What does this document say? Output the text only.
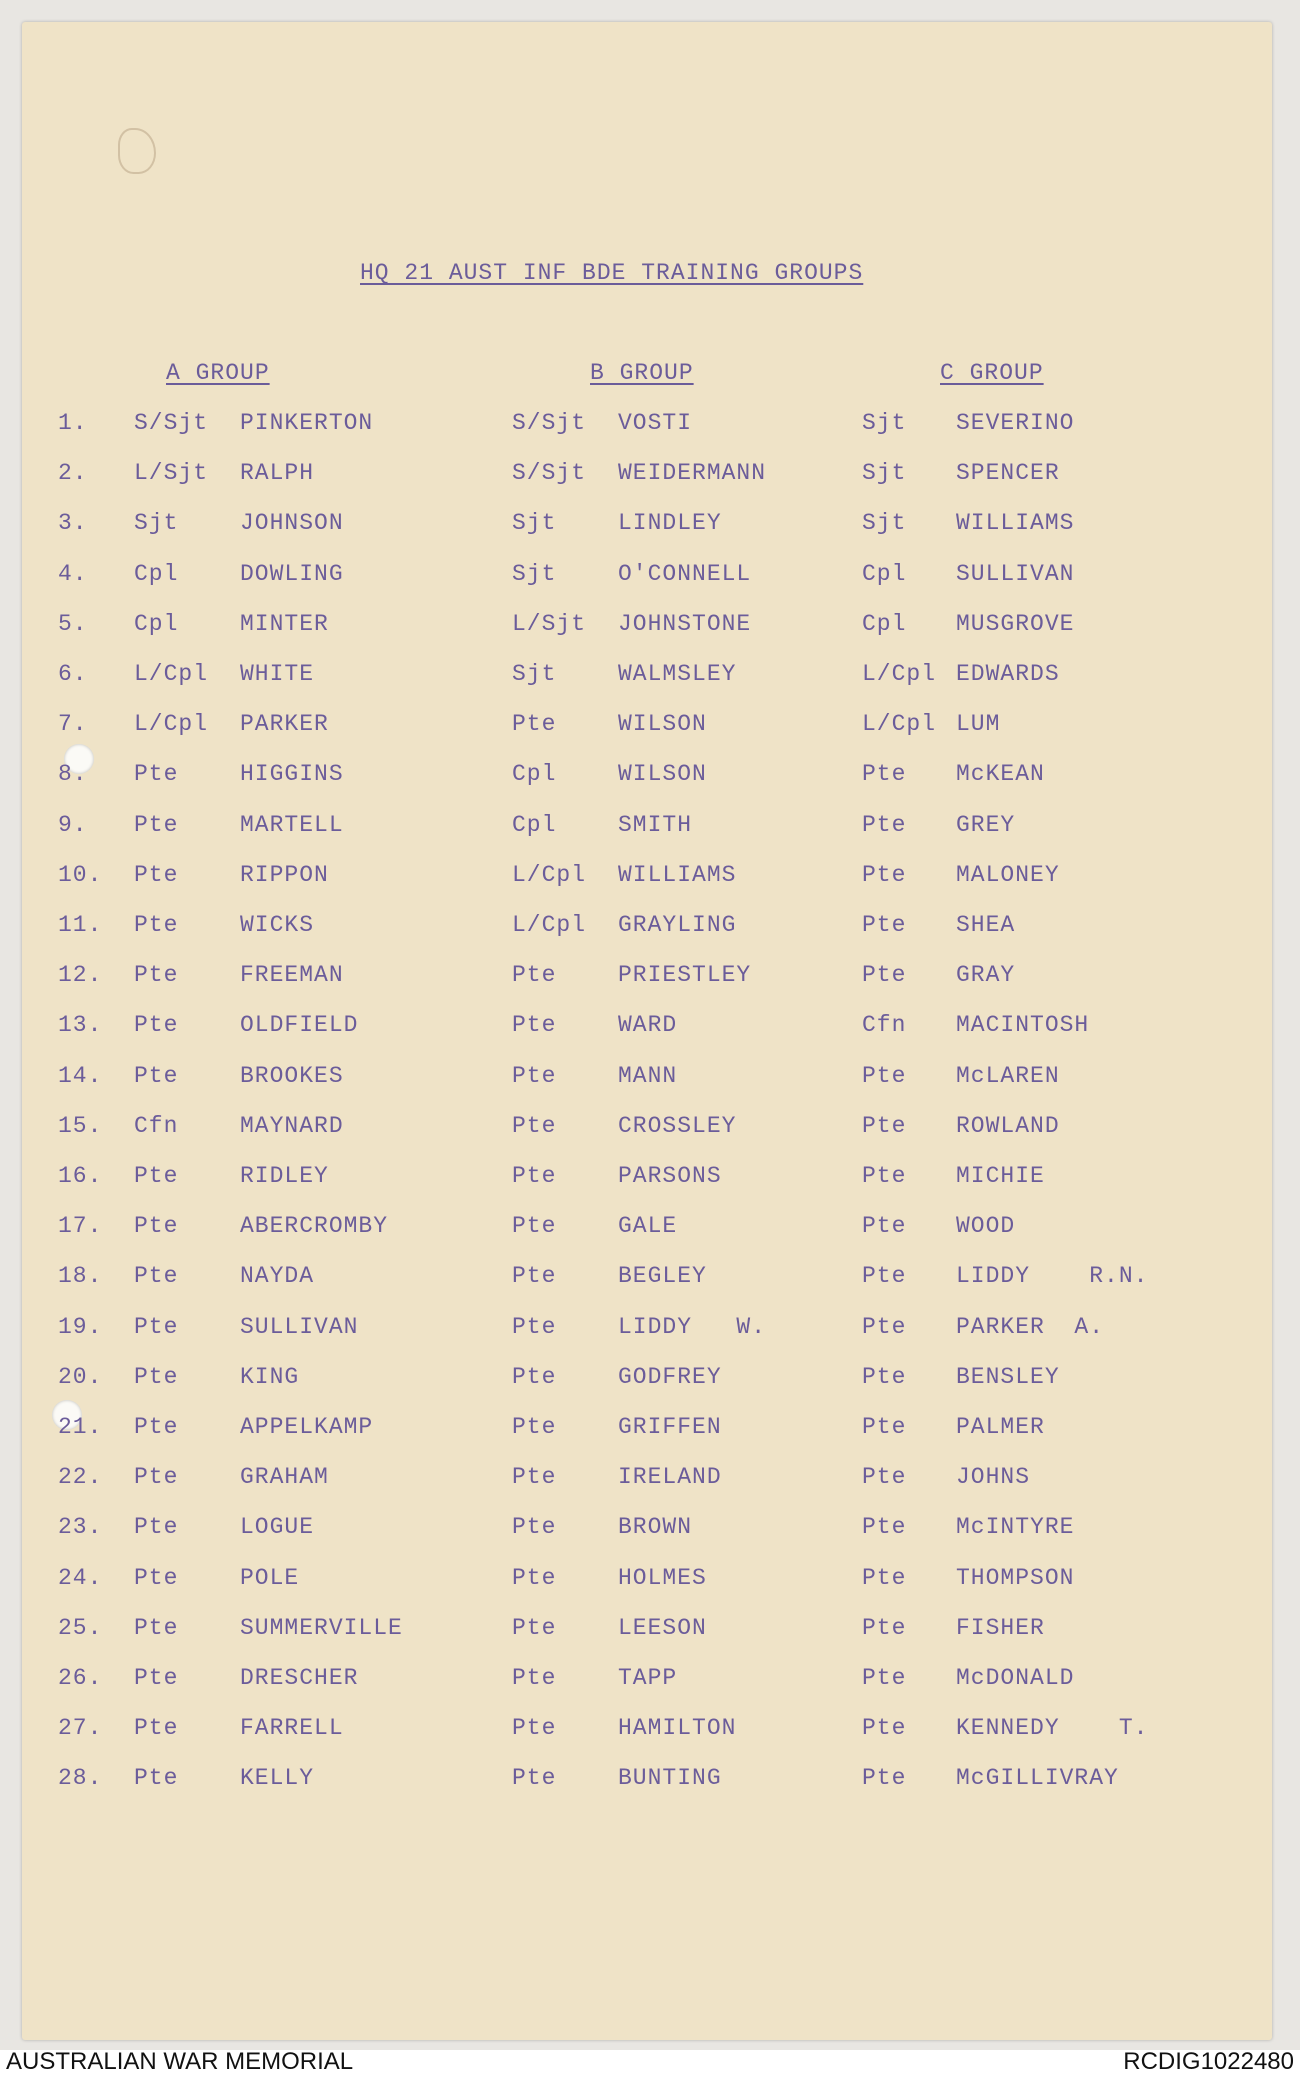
HQ 21 AUST INF BDE TRAINING GROUPS
A GROUP	B GROUP	C GROUP
1. S/Sjt PINKERTON	S/Sjt VOSTI	Sjt SEVERINO
2. L/Sjt RALPH	S/Sjt WEIDERMANN	Sjt SPENCER
3. Sjt	JOHNSON	Sjt	LINDLEY	Sjt WILLIAMS
4. Cpl	DOWLING	Sjt	O'CONNELL	Cpl SULLIVAN
5. Cpl	MINTER	L/Sjt JOHNSTONE	Cpl MUSGROVE
6. L/Cpl WHITE	Sjt	WALMSLEY	L/Cpl EDWARDS
7. L/Cpl PARKER	Pte	WILSON	L/Cpl LUM
8. Pte	HIGGINS	Cpl	WILSON	Pte McKEAN
9. Pte	MARTELL	Cpl	SMITH	Pte GREY
10. Pte	RIPPON	L/Cpl WILLIAMS	Pte MALONEY
11. Pte	WICKS	L/Cpl GRAYLING	Pte SHEA
12. Pte	FREEMAN	Pte	PRIESTLEY	Pte GRAY
13. Pte	OLDFIELD	Pte	WARD	Cfn MACINTOSH
14. Pte	BROOKES	Pte	MANN	Pte McLAREN
15. Cfn	MAYNARD	Pte	CROSSLEY	Pte ROWLAND
16. Pte	RIDLEY	Pte	PARSONS	Pte MICHIE
17. Pte	ABERCROMBY	Pte	GALE	Pte WOOD
18. Pte	NAYDA	Pte	BEGLEY	Pte LIDDY    R.N.
19. Pte	SULLIVAN	Pte	LIDDY   W.	Pte PARKER  A.
20. Pte	KING	Pte	GODFREY	Pte BENSLEY
21. Pte	APPELKAMP	Pte	GRIFFEN	Pte PALMER
22. Pte	GRAHAM	Pte	IRELAND	Pte JOHNS
23. Pte	LOGUE	Pte	BROWN	Pte McINTYRE
24. Pte	POLE	Pte	HOLMES	Pte THOMPSON
25. Pte	SUMMERVILLE	Pte	LEESON	Pte FISHER
26. Pte	DRESCHER	Pte	TAPP	Pte McDONALD
27. Pte	FARRELL	Pte	HAMILTON	Pte KENNEDY    T.
28. Pte	KELLY	Pte	BUNTING	Pte McGILLIVRAY
AUSTRALIAN WAR MEMORIAL	RCDIG1022480
